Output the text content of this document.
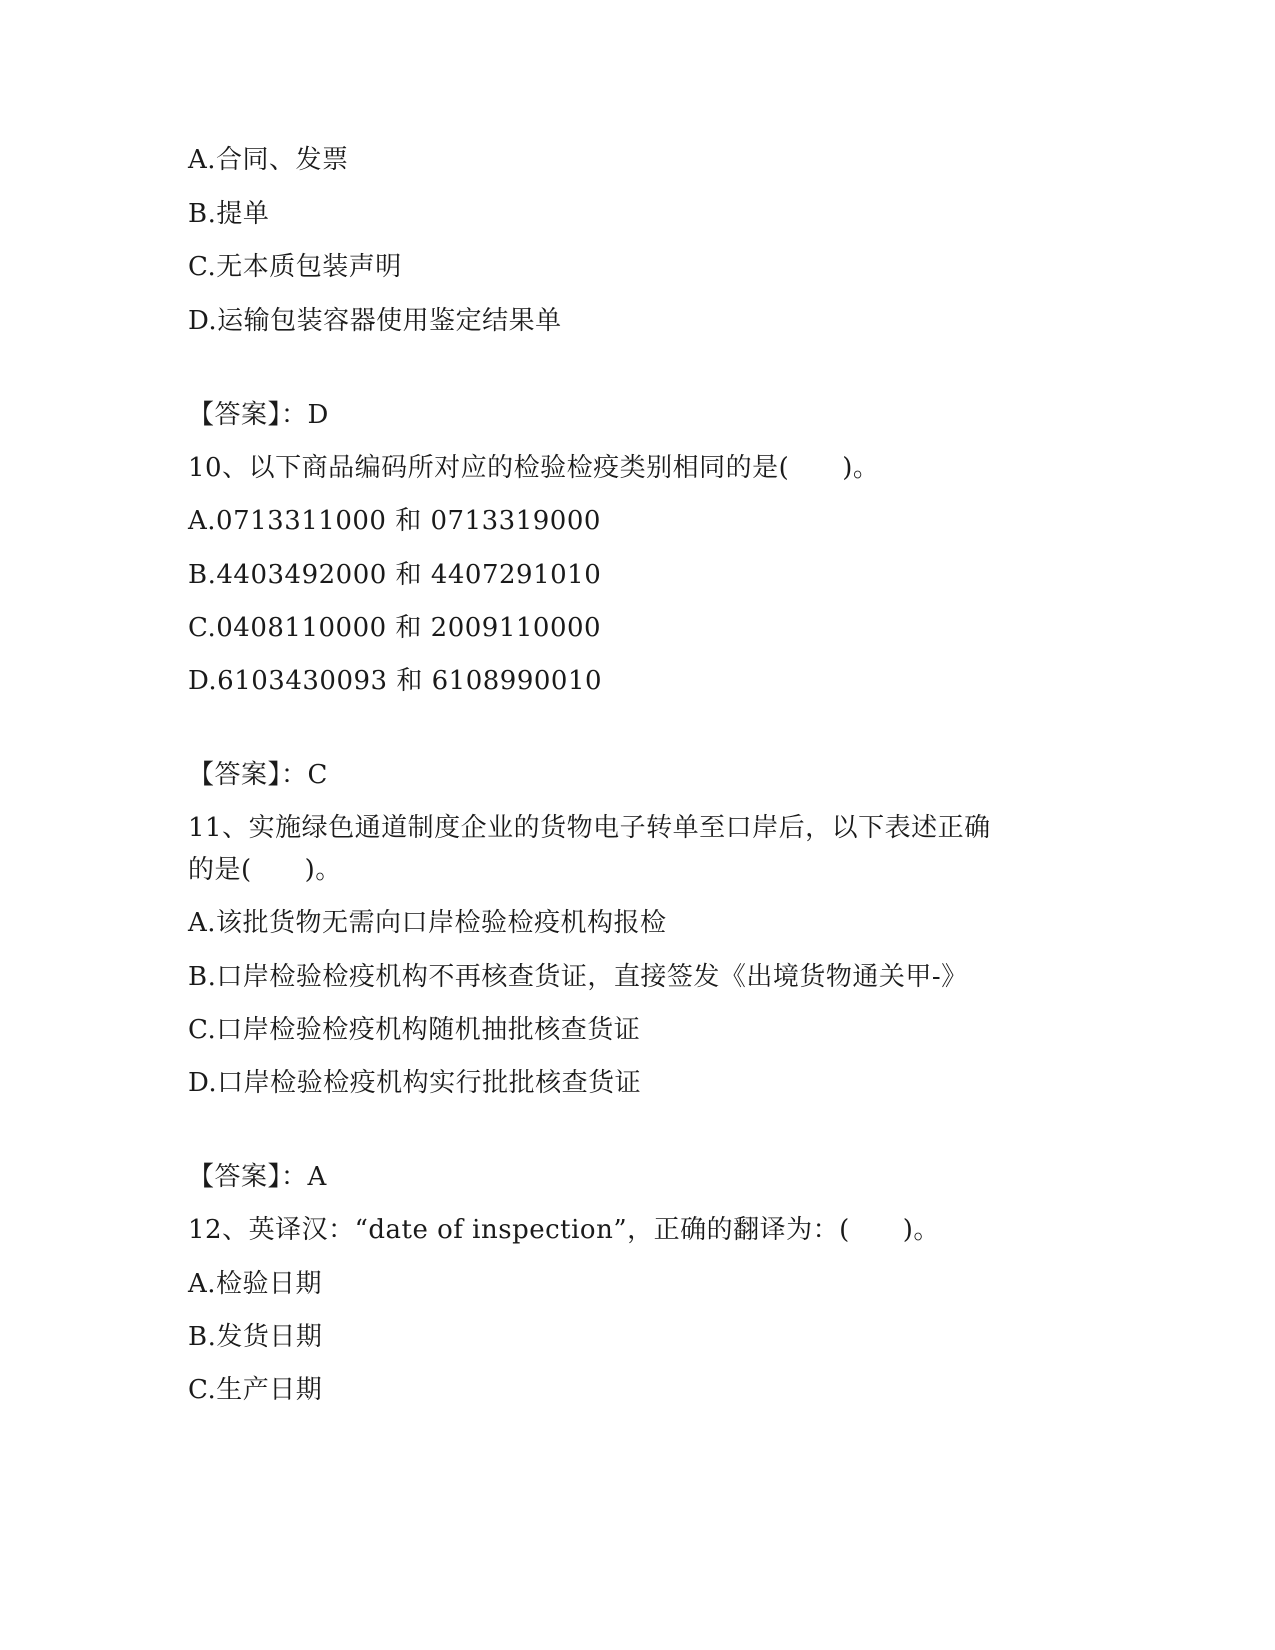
A.合同、发票
B.提单
C.无本质包装声明
D.运输包装容器使用鉴定结果单
【答案】：D
10、以下商品编码所对应的检验检疫类别相同的是(　　)。
A.0713311000 和 0713319000
B.4403492000 和 4407291010
C.0408110000 和 2009110000
D.6103430093 和 6108990010
【答案】：C
11、实施绿色通道制度企业的货物电子转单至口岸后，以下表述正确
的是(　　)。
A.该批货物无需向口岸检验检疫机构报检
B.口岸检验检疫机构不再核查货证，直接签发《出境货物通关甲-》
C.口岸检验检疫机构随机抽批核查货证
D.口岸检验检疫机构实行批批核查货证
【答案】：A
12、英译汉：“date of inspection”，正确的翻译为：(　　)。
A.检验日期
B.发货日期
C.生产日期
